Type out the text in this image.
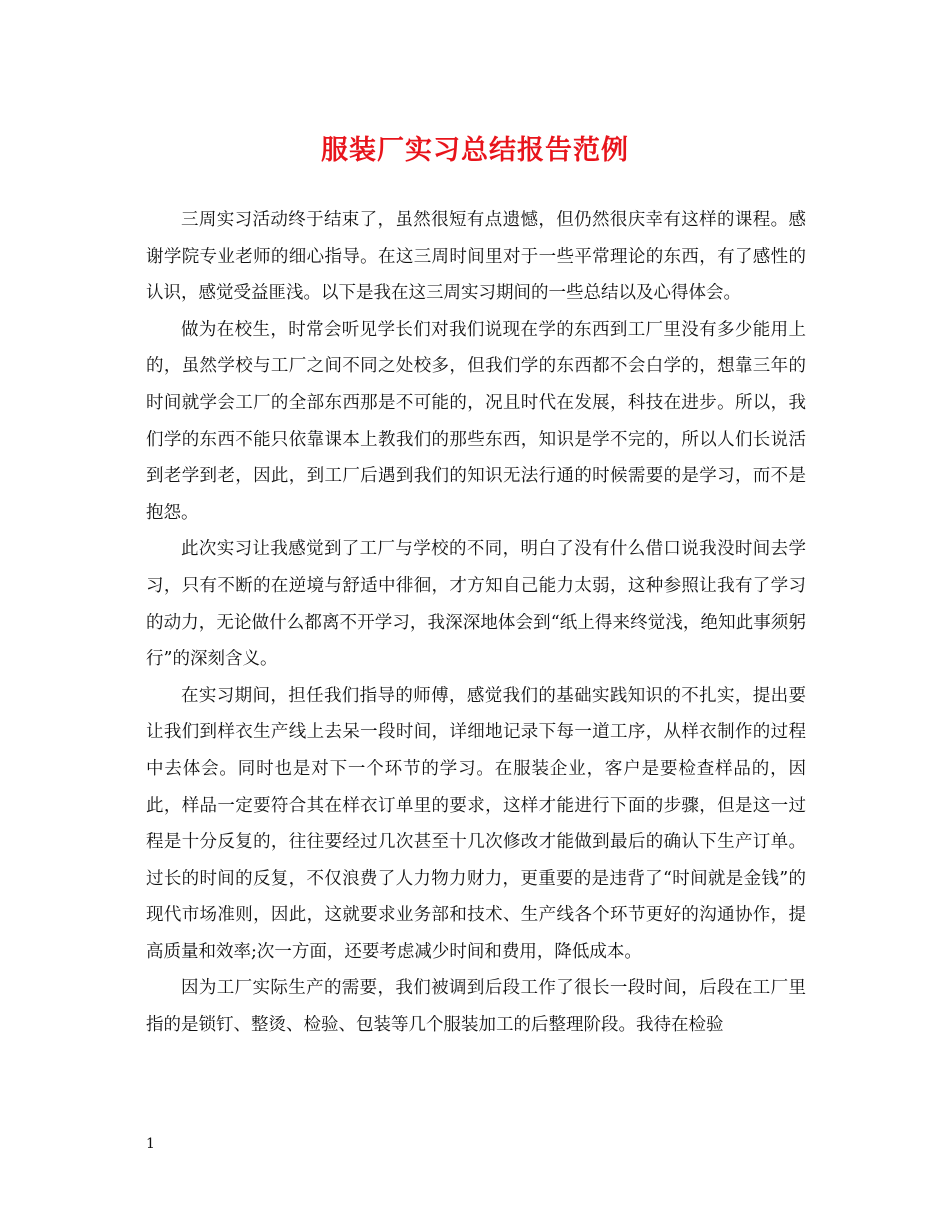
服装厂实习总结报告范例

三周实习活动终于结束了，虽然很短有点遗憾，但仍然很庆幸有这样的课程。感谢学院专业老师的细心指导。在这三周时间里对于一些平常理论的东西，有了感性的认识，感觉受益匪浅。以下是我在这三周实习期间的一些总结以及心得体会。

做为在校生，时常会听见学长们对我们说现在学的东西到工厂里没有多少能用上的，虽然学校与工厂之间不同之处校多，但我们学的东西都不会白学的，想靠三年的时间就学会工厂的全部东西那是不可能的，况且时代在发展，科技在进步。所以，我们学的东西不能只依靠课本上教我们的那些东西，知识是学不完的，所以人们长说活到老学到老，因此，到工厂后遇到我们的知识无法行通的时候需要的是学习，而不是抱怨。

此次实习让我感觉到了工厂与学校的不同，明白了没有什么借口说我没时间去学习，只有不断的在逆境与舒适中徘徊，才方知自己能力太弱，这种参照让我有了学习的动力，无论做什么都离不开学习，我深深地体会到“纸上得来终觉浅，绝知此事须躬行”的深刻含义。

在实习期间，担任我们指导的师傅，感觉我们的基础实践知识的不扎实，提出要让我们到样衣生产线上去呆一段时间，详细地记录下每一道工序，从样衣制作的过程中去体会。同时也是对下一个环节的学习。在服装企业，客户是要检查样品的，因此，样品一定要符合其在样衣订单里的要求，这样才能进行下面的步骤，但是这一过程是十分反复的，往往要经过几次甚至十几次修改才能做到最后的确认下生产订单。过长的时间的反复，不仅浪费了人力物力财力，更重要的是违背了“时间就是金钱”的现代市场准则，因此，这就要求业务部和技术、生产线各个环节更好的沟通协作，提高质量和效率;次一方面，还要考虑减少时间和费用，降低成本。

因为工厂实际生产的需要，我们被调到后段工作了很长一段时间，后段在工厂里指的是锁钉、整烫、检验、包装等几个服装加工的后整理阶段。我待在检验

1
